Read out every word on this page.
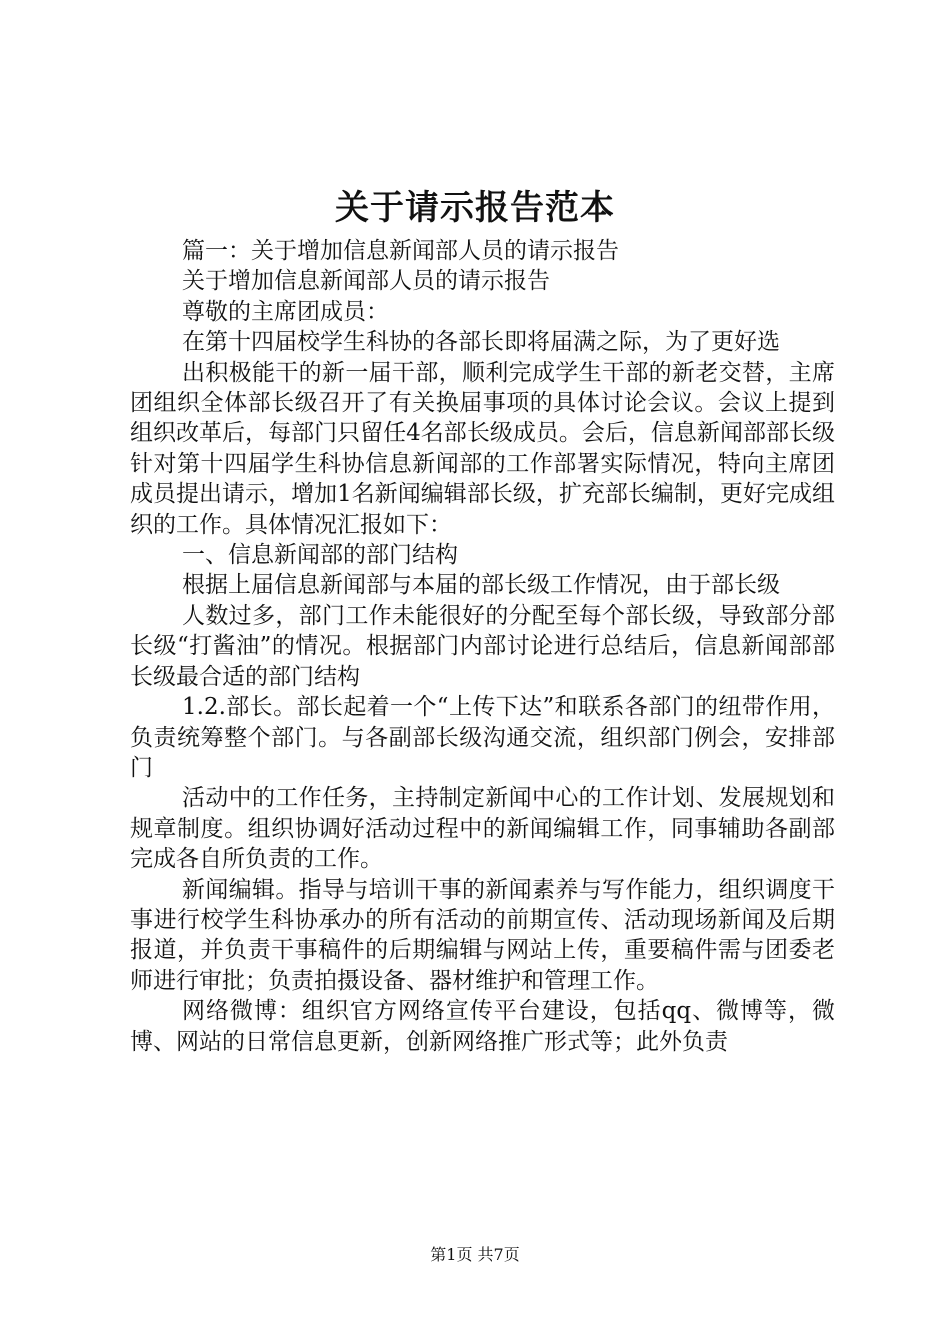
关于请示报告范本

篇一：关于增加信息新闻部人员的请示报告

关于增加信息新闻部人员的请示报告

尊敬的主席团成员：

在第十四届校学生科协的各部长即将届满之际，为了更好选

出积极能干的新一届干部，顺利完成学生干部的新老交替，主席团组织全体部长级召开了有关换届事项的具体讨论会议。会议上提到组织改革后，每部门只留任4名部长级成员。会后，信息新闻部部长级针对第十四届学生科协信息新闻部的工作部署实际情况，特向主席团成员提出请示，增加1名新闻编辑部长级，扩充部长编制，更好完成组织的工作。具体情况汇报如下：

一、信息新闻部的部门结构

根据上届信息新闻部与本届的部长级工作情况，由于部长级

人数过多，部门工作未能很好的分配至每个部长级，导致部分部长级“打酱油”的情况。根据部门内部讨论进行总结后，信息新闻部部长级最合适的部门结构

1.2.部长。部长起着一个“上传下达”和联系各部门的纽带作用，负责统筹整个部门。与各副部长级沟通交流，组织部门例会，安排部门

活动中的工作任务，主持制定新闻中心的工作计划、发展规划和规章制度。组织协调好活动过程中的新闻编辑工作，同事辅助各副部完成各自所负责的工作。

新闻编辑。指导与培训干事的新闻素养与写作能力，组织调度干事进行校学生科协承办的所有活动的前期宣传、活动现场新闻及后期报道，并负责干事稿件的后期编辑与网站上传，重要稿件需与团委老师进行审批；负责拍摄设备、器材维护和管理工作。

网络微博：组织官方网络宣传平台建设，包括qq、微博等，微博、网站的日常信息更新，创新网络推广形式等；此外负责

第1页 共7页
